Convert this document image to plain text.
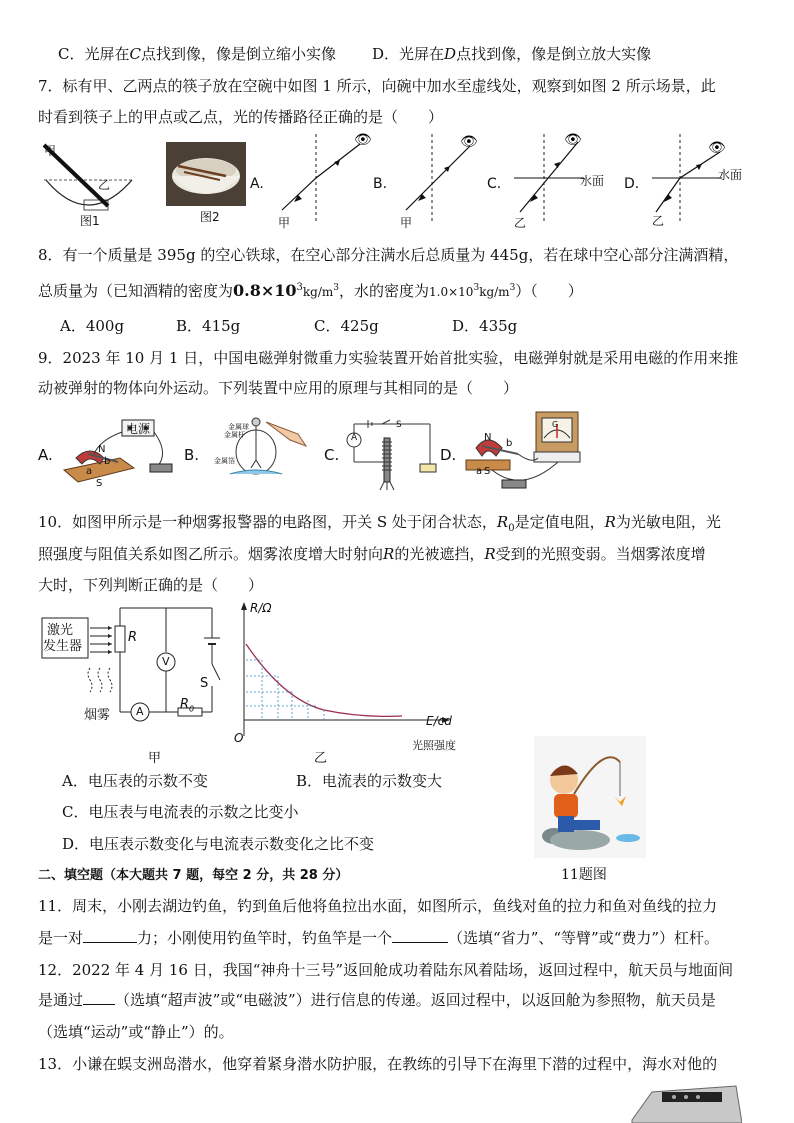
C．光屏在C点找到像，像是倒立缩小实像 D．光屏在D点找到像，像是倒立放大实像
7．标有甲、乙两点的筷子放在空碗中如图 1 所示，向碗中加水至虚线处，观察到如图 2 所示场景，此
时看到筷子上的甲点或乙点，光的传播路径正确的是（　　）
甲
乙
图1	图2
A.
👁
甲
B.
👁
甲
C.
👁
水面
乙
D.
👁
水面
乙
8．有一个质量是 395g 的空心铁球，在空心部分注满水后总质量为 445g，若在球中空心部分注满酒精，
总质量为（已知酒精的密度为$0.8\times 10^3kg/m^3$，水的密度为$1.0\times 10^3kg/m^3$）（　　）
A．400g	B．415g	C．425g	D．435g
9．2023 年 10 月 1 日，中国电磁弹射微重力实验装置开始首批实验，电磁弹射就是采用电磁的作用来推
动被弹射的物体向外运动。下列装置中应用的原理与其相同的是（　　）
A.
电源
N
b
a
S
B.
金属球
金属杆
金属箔	C.
A
S
D.
N
b
a S
G
10．如图甲所示是一种烟雾报警器的电路图，开关 S 处于闭合状态，$R_0$是定值电阻，R为光敏电阻，光
照强度与阻值关系如图乙所示。烟雾浓度增大时射向R的光被遮挡，R受到的光照变弱。当烟雾浓度增
大时，下列判断正确的是（　　）
激光
发生器
R
V
S
烟雾 A	$R_0$
甲
R/Ω
E/cd
O
光照强度
乙
A．电压表的示数不变	B．电流表的示数变大
C．电压表与电流表的示数之比变小
D．电压表示数变化与电流表示数变化之比不变
11题图
二、填空题（本大题共 7 题，每空 2 分，共 28 分）
11．周末，小刚去湖边钓鱼，钓到鱼后他将鱼拉出水面，如图所示，鱼线对鱼的拉力和鱼对鱼线的拉力
是一对	力；小刚使用钓鱼竿时，钓鱼竿是一个	（选填“省力”、“等臂”或“费力”）杠杆。
12．2022 年 4 月 16 日，我国“神舟十三号”返回舱成功着陆东风着陆场，返回过程中，航天员与地面间
是通过 （选填“超声波”或“电磁波”）进行信息的传递。返回过程中，以返回舱为参照物，航天员是
（选填“运动”或“静止”）的。
13．小谦在蜈支洲岛潜水，他穿着紧身潜水防护服，在教练的引导下在海里下潜的过程中，海水对他的
